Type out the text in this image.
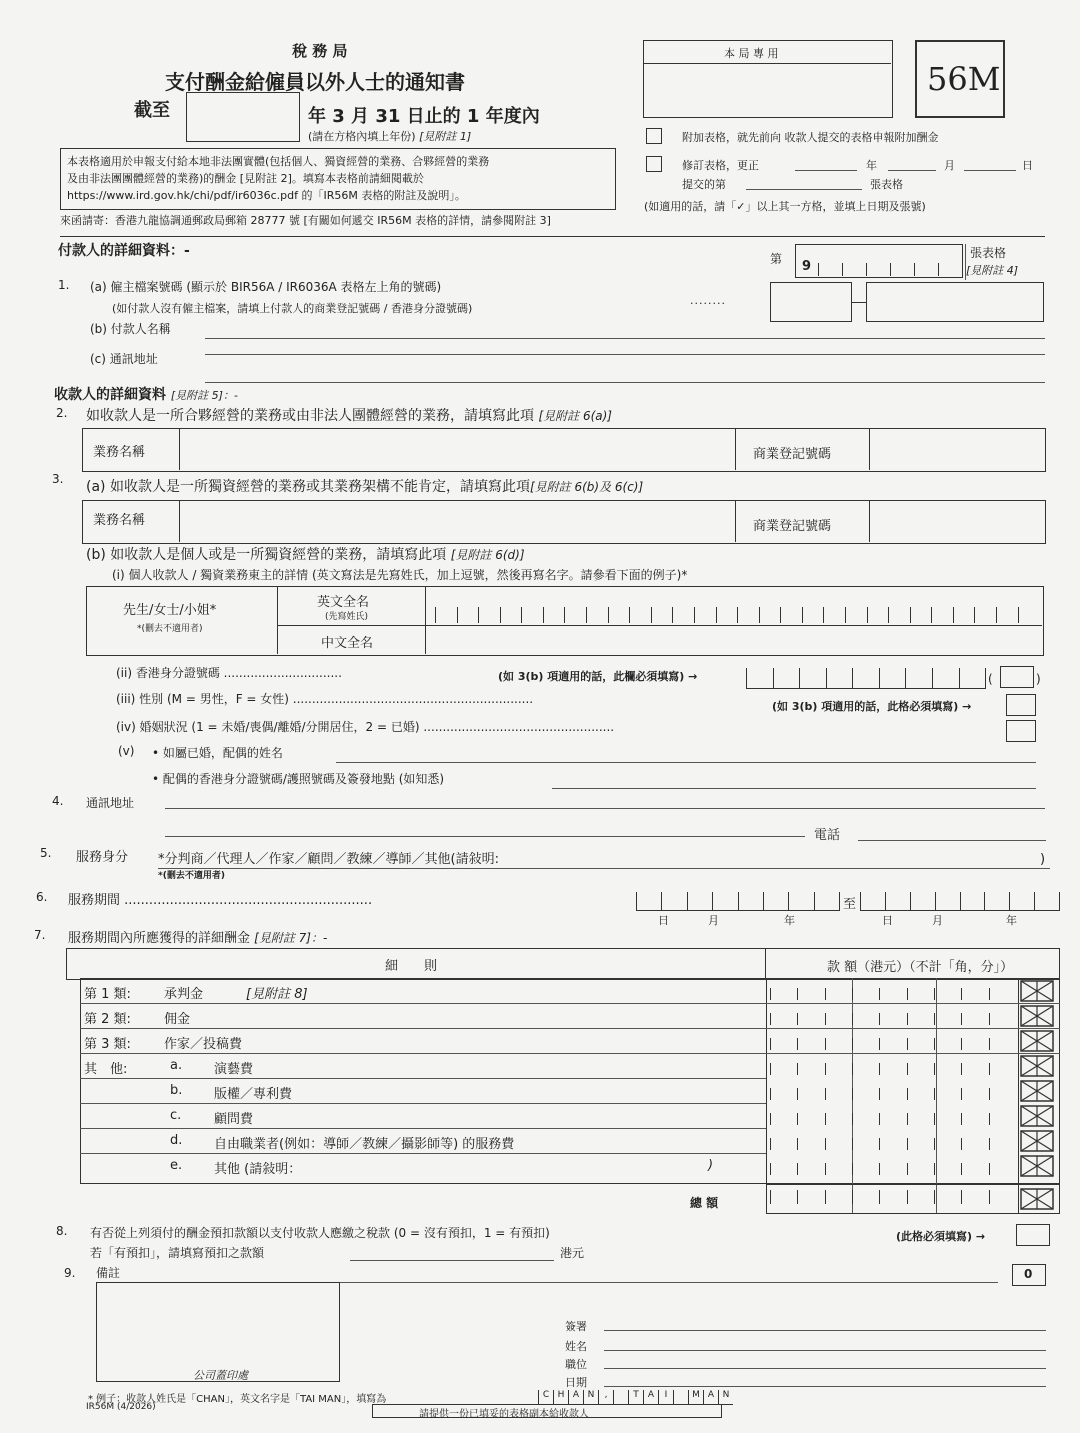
稅 務 局
支付酬金給僱員以外人士的通知書
截至	年 3 月 31 日止的 1 年度內
(請在方格內填上年份) [見附註 1]
本 局 專 用
56M
本表格適用於申報支付給本地非法團實體(包括個人、獨資經營的業務、合夥經營的業務
及由非法團團體經營的業務)的酬金 [見附註 2]。填寫本表格前請細閱載於
https://www.ird.gov.hk/chi/pdf/ir6036c.pdf 的「IR56M 表格的附註及說明」。
來函請寄：香港九龍協調通郵政局郵箱 28777 號 [有關如何遞交 IR56M 表格的詳情，請參閱附註 3]
附加表格，就先前向 收款人提交的表格申報附加酬金
修訂表格，更正	年	月	日
提交的第	張表格
(如適用的話，請「✓」以上其一方格，並填上日期及張號)
付款人的詳細資料：-	第 9
張表格
[見附註 4]
1. (a) 僱主檔案號碼 (顯示於 BIR56A / IR6036A 表格左上角的號碼)
(如付款人沒有僱主檔案，請填上付款人的商業登記號碼 / 香港身分證號碼)
........
(b) 付款人名稱
(c) 通訊地址
收款人的詳細資料 [見附註 5]：-
2. 如收款人是一所合夥經營的業務或由非法人團體經營的業務，請填寫此項 [見附註 6(a)]
業務名稱	商業登記號碼
3. (a) 如收款人是一所獨資經營的業務或其業務架構不能肯定，請填寫此項[見附註 6(b)及 6(c)]
業務名稱	商業登記號碼
(b) 如收款人是個人或是一所獨資經營的業務，請填寫此項 [見附註 6(d)]
(i) 個人收款人 / 獨資業務東主的詳情 (英文寫法是先寫姓氏，加上逗號，然後再寫名字。請參看下面的例子)*
先生/女士/小姐*
*(刪去不適用者)
英文全名
(先寫姓氏)
中文全名
(ii) 香港身分證號碼 ...............................	(如 3(b) 項適用的話，此欄必須填寫) →	(	)
(iii) 性別 (M = 男性，F = 女性) ...............................................................
(如 3(b) 項適用的話，此格必須填寫) →
(iv) 婚姻狀況 (1 = 未婚/喪偶/離婚/分開居住，2 = 已婚) ..................................................
(v) • 如屬已婚，配偶的姓名
• 配偶的香港身分證號碼/護照號碼及簽發地點 (如知悉)
4. 通訊地址
電話
5. 服務身分 *分判商／代理人／作家／顧問／教練／導師／其他(請敍明:	)
*(刪去不適用者)
6. 服務期間 ............................................................	至
日	月	年	日	月	年
7. 服務期間內所應獲得的詳細酬金 [見附註 7]：-
細　　則	款 額（港元）（不計「角，分」）
第 1 類:	承判金	[見附註 8]
第 2 類:	佣金
第 3 類:	作家／投稿費
其　他:	a. 演藝費
b. 版權／專利費
c.	顧問費
d. 自由職業者(例如：導師／教練／攝影師等) 的服務費
e. 其他 (請敍明：	)
總 額
8. 有否從上列須付的酬金預扣款額以支付收款人應繳之稅款 (0 = 沒有預扣，1 = 有預扣)	(此格必須填寫) →
若「有預扣」，請填寫預扣之款額	港元
9. 備註	0
公司蓋印處
簽署
姓名
職位
日期
* 例子：收款人姓氏是「CHAN」，英文名字是「TAI MAN」，填寫為	C H A N	,	T	A	I	M A N
IR56M (4/2026)
請提供一份已填妥的表格副本給收款人
